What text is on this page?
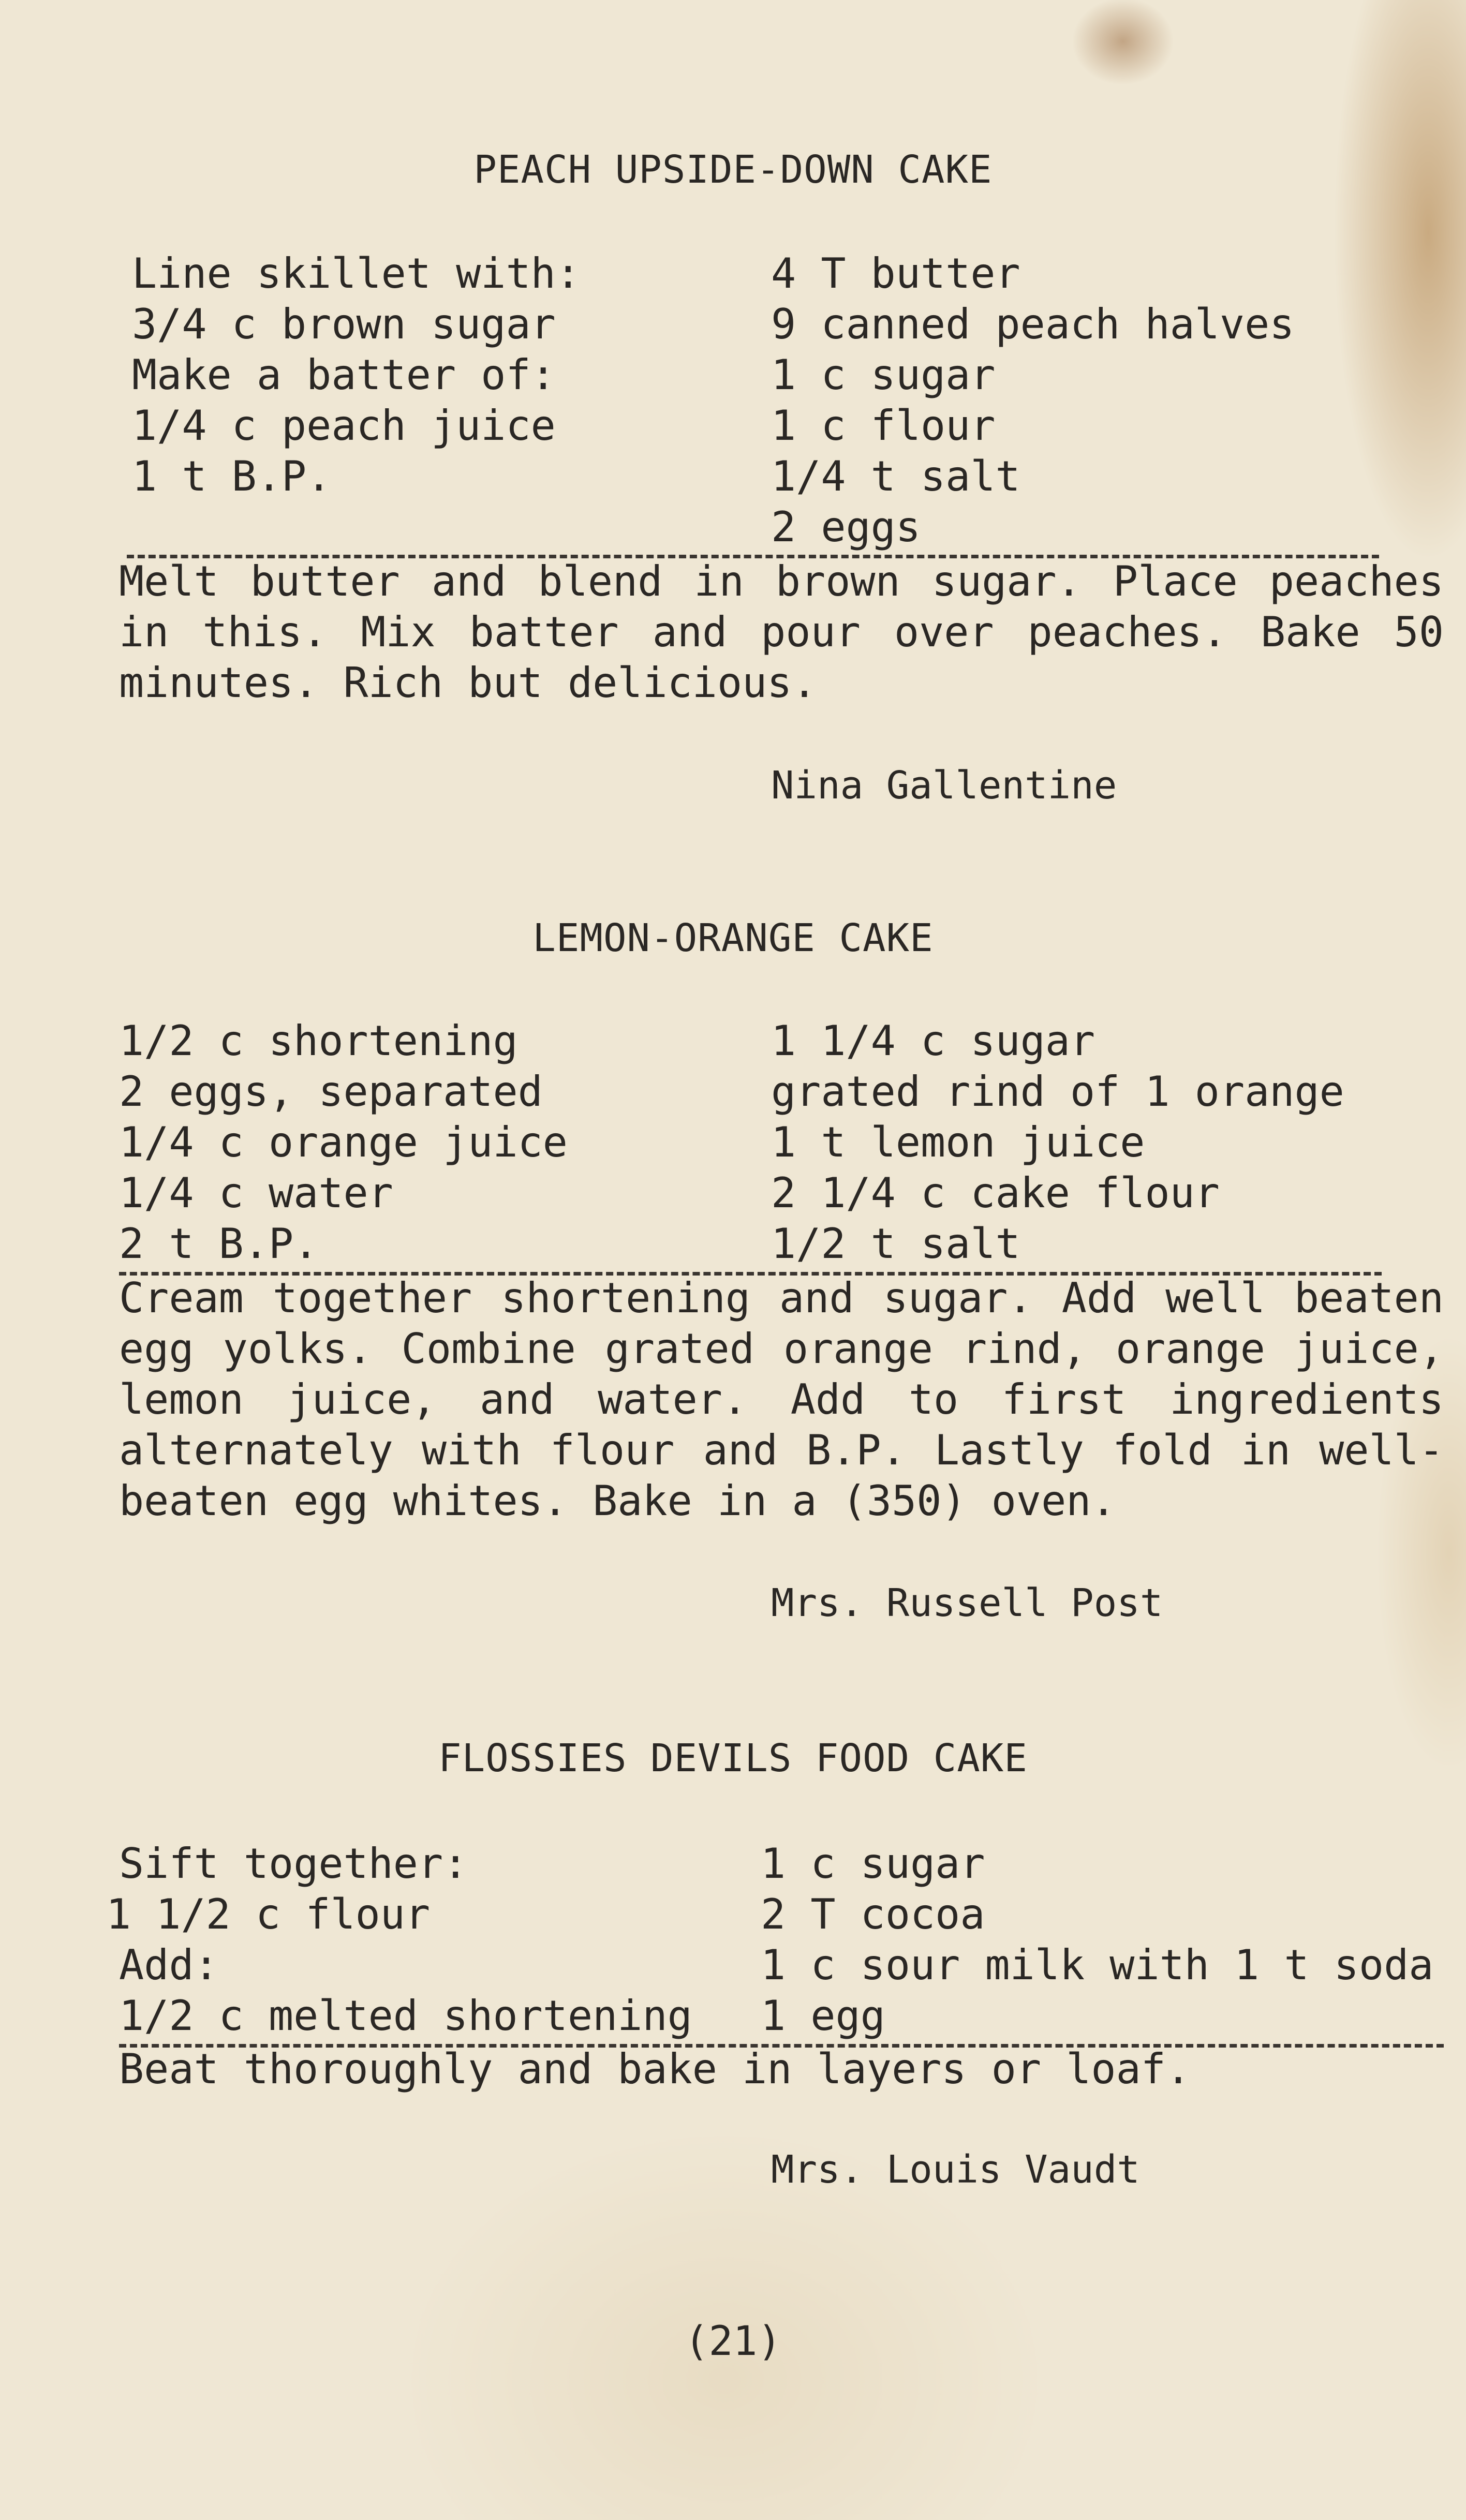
PEACH UPSIDE-DOWN CAKE

Line skillet with:

3/4 c brown sugar

Make a batter of:

1/4 c peach juice

1 t B.P.

4 T butter

9 canned peach halves

1 c sugar

1 c flour

1/4 t salt

2 eggs

Melt butter and blend in brown sugar. Place peaches in this. Mix batter and pour over peaches. Bake 50 minutes. Rich but delicious.

Nina Gallentine

LEMON-ORANGE CAKE

1/2 c shortening

2 eggs, separated

1/4 c orange juice

1/4 c water

2 t B.P.

1 1/4 c sugar

grated rind of 1 orange

1 t lemon juice

2 1/4 c cake flour

1/2 t salt

Cream together shortening and sugar. Add well beaten egg yolks. Combine grated orange rind, orange juice, lemon juice, and water. Add to first ingredients alternately with flour and B.P. Lastly fold in well-beaten egg whites. Bake in a (350) oven.

Mrs. Russell Post

FLOSSIES DEVILS FOOD CAKE

Sift together:

1 1/2 c flour

Add:

1/2 c melted shortening

1 c sugar

2 T cocoa

1 c sour milk with 1 t soda

1 egg

Beat thoroughly and bake in layers or loaf.

Mrs. Louis Vaudt

(21)
